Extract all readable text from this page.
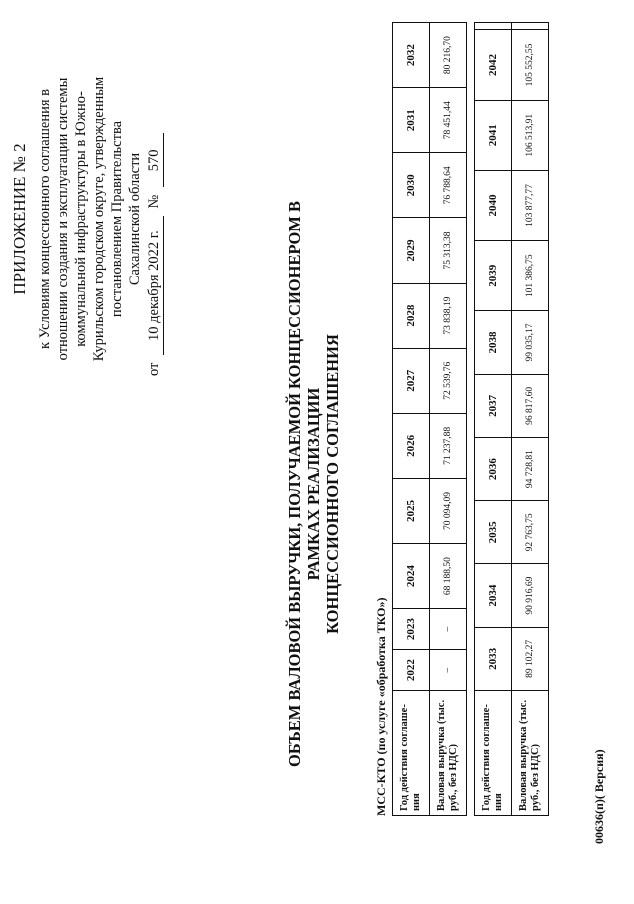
ПРИЛОЖЕНИЕ № 2 к Условиям концессионного соглашения в отношении создания и эксплуатации системы коммунальной инфраструктуры в Южно- Курильском городском округе, утвержденным постановлением Правительства Сахалинской области
от 10 декабря 2022 г. № 570
ОБЪЕМ ВАЛОВОЙ ВЫРУЧКИ, ПОЛУЧАЕМОЙ КОНЦЕССИОНЕРОМ В РАМКАХ РЕАЛИЗАЦИИ КОНЦЕССИОННОГО СОГЛАШЕНИЯ
МСС-КТО (по услуге «обработка ТКО») Год действия соглаше-ния	2022	2023	2024	2025	2026	2027	2028	2029	2030	2031	2032
Валовая выручка (тыс. руб., без НДС)	–	–	68 188,50	70 094,09	71 237,88	72 539,76	73 838,19	75 313,38	76 788,64	78 451,44	80 216,70
Год действия соглаше-ния	2033	2034	2035	2036	2037	2038	2039	2040	2041	2042	
Валовая выручка (тыс. руб., без НДС)	89 102,27	90 916,69	92 763,75	94 728,81	96 817,60	99 035,17	101 386,75	103 877,77	106 513,91	105 552,55	
00636(п)( Версия)
